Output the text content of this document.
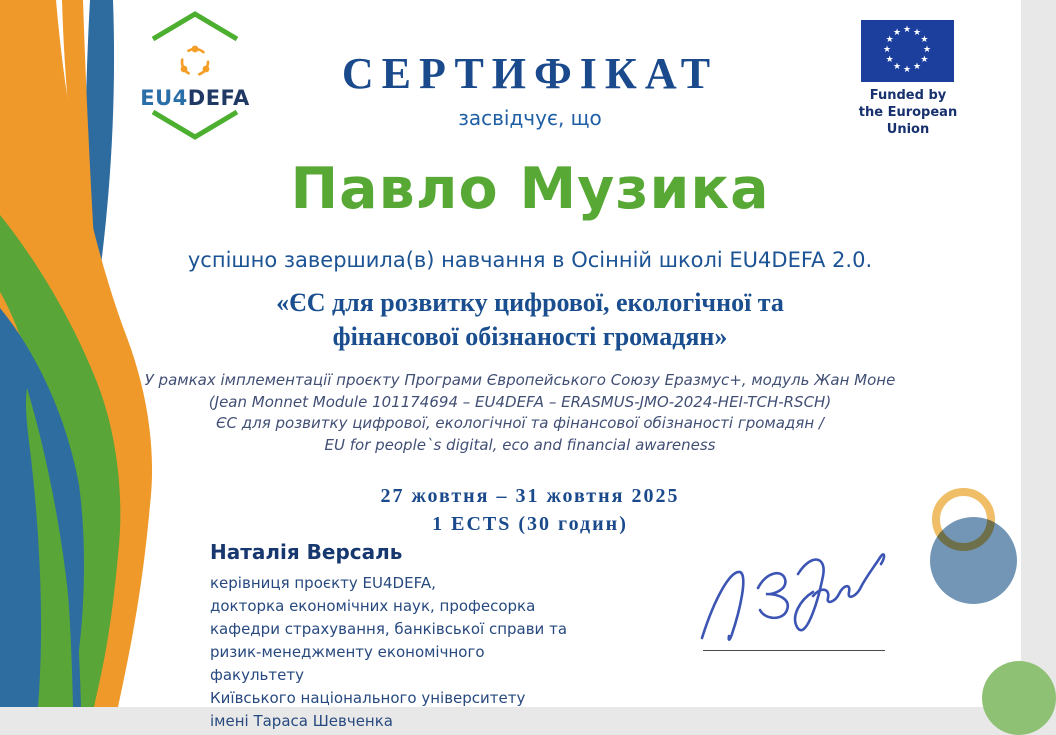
EU4DEFA
★ ★
★
★
★
★
★
★
★
★
★
★
Funded by
the European Union
СЕРТИФІКАТ
засвідчує, що
Павло Музика
успішно завершила(в) навчання в Осінній школі EU4DEFA 2.0.
«ЄС для розвитку цифрової, екологічної та
фінансової обізнаності громадян»
У рамках імплементації проєкту Програми Європейського Союзу Еразмус+, модуль Жан Моне
(Jean Monnet Module 101174694 – EU4DEFA – ERASMUS-JMO-2024-HEI-TCH-RSCH)
ЄС для розвитку цифрової, екологічної та фінансової обізнаності громадян /
EU for people`s digital, eco and financial awareness
27 жовтня – 31 жовтня 2025
1 ECTS (30 годин)
Наталія Версаль
керівниця проєкту EU4DEFA,
докторка економічних наук, професорка
кафедри страхування, банківської справи та
ризик-менеджменту економічного факультету
Київського національного університету
імені Тараса Шевченка
